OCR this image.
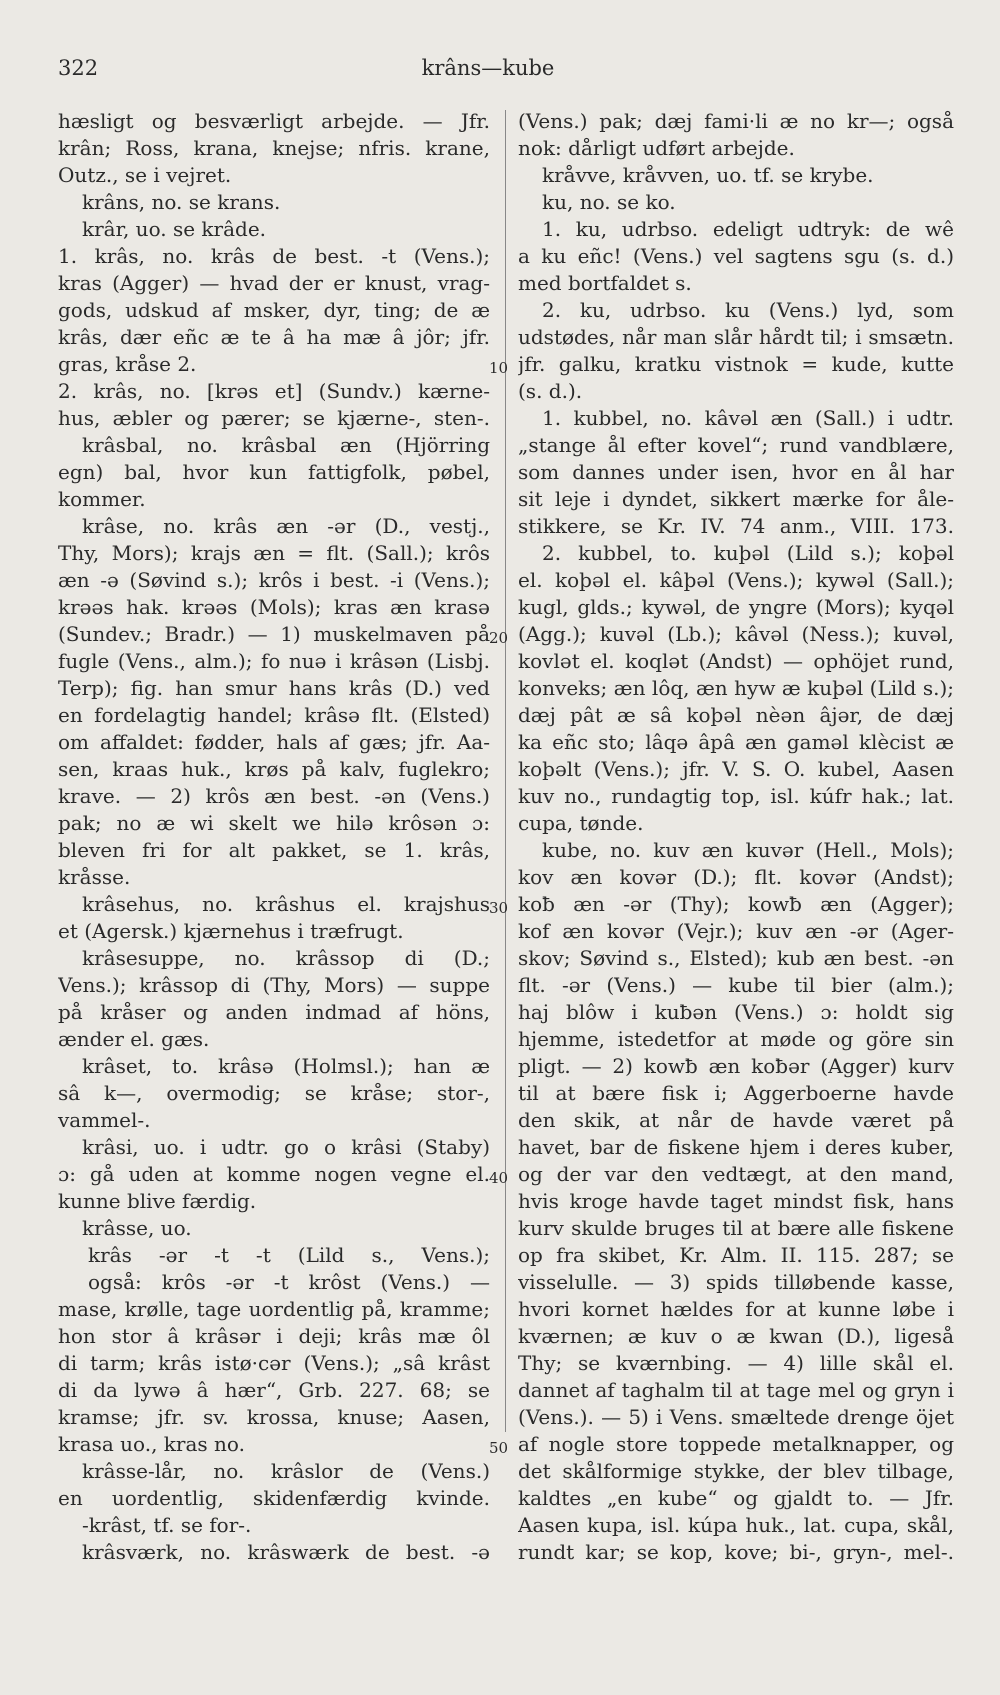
322	krâns—kube
hæsligt og besværligt arbejde. — Jfr.
krân; Ross, krana, knejse; nfris. krane,
Outz., se i vejret.
krâns, no. se krans.
krâr, uo. se krâde.
1. krâs, no. krâs de best. -t (Vens.);
kras (Agger) — hvad der er knust, vrag-
gods, udskud af msker, dyr, ting; de æ
krâs, dær eñc æ te â ha mæ â jôr; jfr.
gras, kråse 2.
2. krâs, no. [krəs et] (Sundv.) kærne-
hus, æbler og pærer; se kjærne-, sten-.
krâsbal, no. krâsbal æn (Hjörring
egn) bal, hvor kun fattigfolk, pøbel,
kommer.
krâse, no. krâs æn -ər (D., vestj.,
Thy, Mors); krajs æn = flt. (Sall.); krôs
æn -ə (Søvind s.); krôs i best. -i (Vens.);
krəəs hak. krəəs (Mols); kras æn krasə
(Sundev.; Bradr.) — 1) muskelmaven på
fugle (Vens., alm.); fo nuə i krâsən (Lisbj.
Terp); fig. han smur hans krâs (D.) ved
en fordelagtig handel; krâsə flt. (Elsted)
om affaldet: fødder, hals af gæs; jfr. Aa-
sen, kraas huk., krøs på kalv, fuglekro;
krave. — 2) krôs æn best. -ən (Vens.)
pak; no æ wi skelt we hilə krôsən ɔ:
bleven fri for alt pakket, se 1. krâs,
kråsse.
krâsehus, no. krâshus el. krajshus
et (Agersk.) kjærnehus i træfrugt.
krâsesuppe, no. krâssop di (D.;
Vens.); krâssop di (Thy, Mors) — suppe
på kråser og anden indmad af höns,
ænder el. gæs.
krâset, to. krâsə (Holmsl.); han æ
sâ k—, overmodig; se kråse; stor-,
vammel-.
krâsi, uo. i udtr. go o krâsi (Staby)
ɔ: gå uden at komme nogen vegne el.
kunne blive færdig.
krâsse, uo.
krâs -ər -t -t (Lild s., Vens.);
også: krôs -ər -t krôst (Vens.) —
mase, krølle, tage uordentlig på, kramme;
hon stor â krâsər i deji; krâs mæ ôl
di tarm; krâs istø·cər (Vens.); „sâ krâst
di da lywə â hær“, Grb. 227. 68; se
kramse; jfr. sv. krossa, knuse; Aasen,
krasa uo., kras no.
krâsse-lår, no. krâslor de (Vens.)
en uordentlig, skidenfærdig kvinde.
-krâst, tf. se for-.
krâsværk, no. krâswærk de best. -ə
10
20
30
40
50
(Vens.) pak; dæj fami·li æ no kr—; også
nok: dårligt udført arbejde.
kråvve, kråvven, uo. tf. se krybe.
ku, no. se ko.
1. ku, udrbso. edeligt udtryk: de wê
a ku eñc! (Vens.) vel sagtens sgu (s. d.)
med bortfaldet s.
2. ku, udrbso. ku (Vens.) lyd, som
udstødes, når man slår hårdt til; i smsætn.
jfr. galku, kratku vistnok = kude, kutte
(s. d.).
1. kubbel, no. kâvəl æn (Sall.) i udtr.
„stange ål efter kovel“; rund vandblære,
som dannes under isen, hvor en ål har
sit leje i dyndet, sikkert mærke for åle-
stikkere, se Kr. IV. 74 anm., VIII. 173.
2. kubbel, to. kuþəl (Lild s.); koþəl
el. koþəl el. kâþəl (Vens.); kywəl (Sall.);
kugl, glds.; kywəl, de yngre (Mors); kyqəl
(Agg.); kuvəl (Lb.); kâvəl (Ness.); kuvəl,
kovlət el. koqlət (Andst) — ophöjet rund,
konveks; æn lôq, æn hyw æ kuþəl (Lild s.);
dæj pât æ sâ koþəl nèən âjər, de dæj
ka eñc sto; lâqə âpâ æn gaməl klècist æ
koþəlt (Vens.); jfr. V. S. O. kubel, Aasen
kuv no., rundagtig top, isl. kúfr hak.; lat.
cupa, tønde.
kube, no. kuv æn kuvər (Hell., Mols);
kov æn kovər (D.); flt. kovər (Andst);
koƀ æn -ər (Thy); kowƀ æn (Agger);
kof æn kovər (Vejr.); kuv æn -ər (Ager-
skov; Søvind s., Elsted); kub æn best. -ən
flt. -ər (Vens.) — kube til bier (alm.);
haj blôw i kuƀən (Vens.) ɔ: holdt sig
hjemme, istedetfor at møde og göre sin
pligt. — 2) kowƀ æn koƀər (Agger) kurv
til at bære fisk i; Aggerboerne havde
den skik, at når de havde været på
havet, bar de fiskene hjem i deres kuber,
og der var den vedtægt, at den mand,
hvis kroge havde taget mindst fisk, hans
kurv skulde bruges til at bære alle fiskene
op fra skibet, Kr. Alm. II. 115. 287; se
visselulle. — 3) spids tilløbende kasse,
hvori kornet hældes for at kunne løbe i
kværnen; æ kuv o æ kwan (D.), ligeså
Thy; se kværnbing. — 4) lille skål el.
dannet af taghalm til at tage mel og gryn i
(Vens.). — 5) i Vens. smæltede drenge öjet
af nogle store toppede metalknapper, og
det skålformige stykke, der blev tilbage,
kaldtes „en kube“ og gjaldt to. — Jfr.
Aasen kupa, isl. kúpa huk., lat. cupa, skål,
rundt kar; se kop, kove; bi-, gryn-, mel-.
